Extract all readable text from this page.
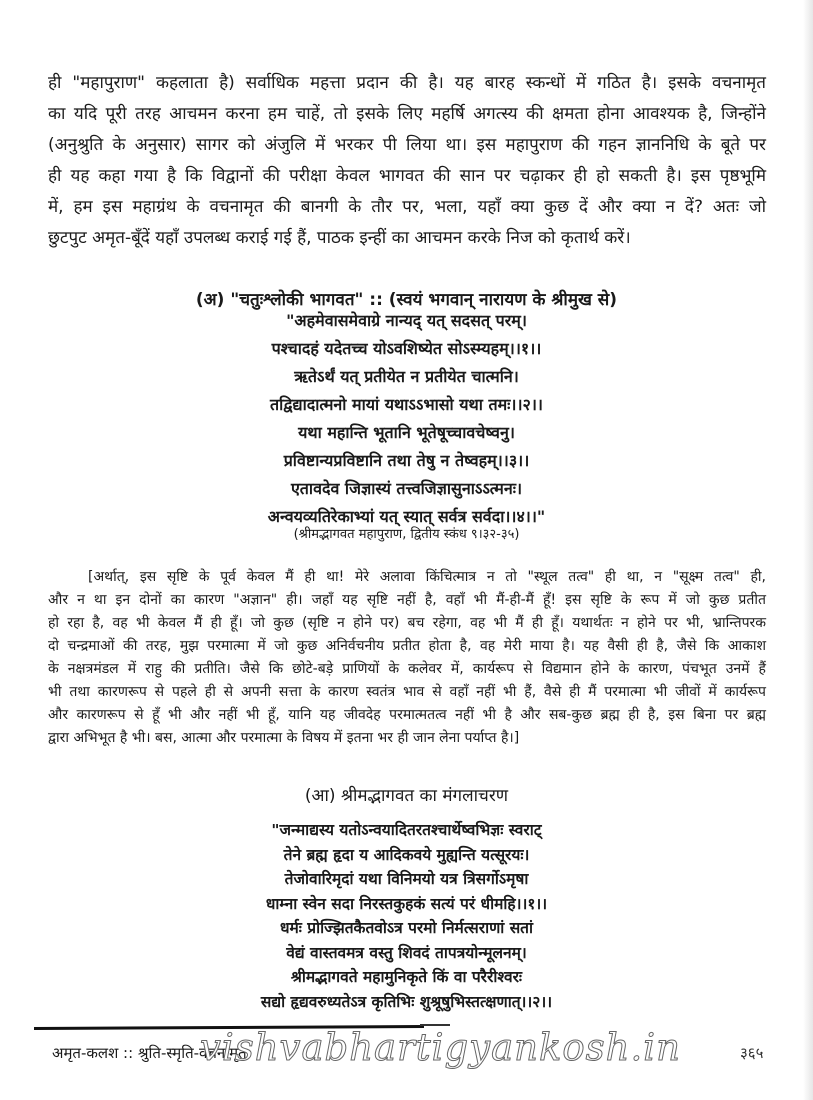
ही "महापुराण" कहलाता है) सर्वाधिक महत्ता प्रदान की है। यह बारह स्कन्धों में गठित है। इसके वचनामृत
का यदि पूरी तरह आचमन करना हम चाहें, तो इसके लिए महर्षि अगत्स्य की क्षमता होना आवश्यक है, जिन्होंने
(अनुश्रुति के अनुसार) सागर को अंजुलि में भरकर पी लिया था। इस महापुराण की गहन ज्ञाननिधि के बूते पर
ही यह कहा गया है कि विद्वानों की परीक्षा केवल भागवत की सान पर चढ़ाकर ही हो सकती है। इस पृष्ठभूमि
में, हम इस महाग्रंथ के वचनामृत की बानगी के तौर पर, भला, यहाँ क्या कुछ दें और क्या न दें? अतः जो
छुटपुट अमृत-बूँदें यहाँ उपलब्ध कराई गई हैं, पाठक इन्हीं का आचमन करके निज को कृतार्थ करें।
(अ) "चतुःश्लोकी भागवत" :: (स्वयं भगवान् नारायण के श्रीमुख से)
"अहमेवासमेवाग्रे नान्यद् यत् सदसत् परम्।
पश्चादहं यदेतच्च योऽवशिष्येत सोऽस्म्यहम्।।१।।
ऋतेऽर्थं यत् प्रतीयेत न प्रतीयेत चात्मनि।
तद्विद्यादात्मनो मायां यथाऽऽभासो यथा तमः।।२।।
यथा महान्ति भूतानि भूतेषूच्चावचेष्वनु।
प्रविष्टान्यप्रविष्टानि तथा तेषु न तेष्वहम्।।३।।
एतावदेव जिज्ञास्यं तत्त्वजिज्ञासुनाऽऽत्मनः।
अन्वयव्यतिरेकाभ्यां यत् स्यात् सर्वत्र सर्वदा।।४।।"
(श्रीमद्भागवत महापुराण, द्वितीय स्कंध ९।३२-३५)
[अर्थात्, इस सृष्टि के पूर्व केवल मैं ही था! मेरे अलावा किंचित्मात्र न तो "स्थूल तत्व" ही था, न "सूक्ष्म तत्व" ही,
और न था इन दोनों का कारण "अज्ञान" ही। जहाँ यह सृष्टि नहीं है, वहाँ भी मैं-ही-मैं हूँ! इस सृष्टि के रूप में जो कुछ प्रतीत
हो रहा है, वह भी केवल मैं ही हूँ। जो कुछ (सृष्टि न होने पर) बच रहेगा, वह भी मैं ही हूँ। यथार्थतः न होने पर भी, भ्रान्तिपरक
दो चन्द्रमाओं की तरह, मुझ परमात्मा में जो कुछ अनिर्वचनीय प्रतीत होता है, वह मेरी माया है। यह वैसी ही है, जैसे कि आकाश
के नक्षत्रमंडल में राहु की प्रतीति। जैसे कि छोटे-बड़े प्राणियों के कलेवर में, कार्यरूप से विद्यमान होने के कारण, पंचभूत उनमें हैं
भी तथा कारणरूप से पहले ही से अपनी सत्ता के कारण स्वतंत्र भाव से वहाँ नहीं भी हैं, वैसे ही मैं परमात्मा भी जीवों में कार्यरूप
और कारणरूप से हूँ भी और नहीं भी हूँ, यानि यह जीवदेह परमात्मतत्व नहीं भी है और सब-कुछ ब्रह्म ही है, इस बिना पर ब्रह्म
द्वारा अभिभूत है भी। बस, आत्मा और परमात्मा के विषय में इतना भर ही जान लेना पर्याप्त है।]
(आ) श्रीमद्भागवत का मंगलाचरण
"जन्माद्यस्य यतोऽन्वयादितरतश्चार्थेष्वभिज्ञः स्वराट्
तेने ब्रह्म हृदा य आदिकवये मुह्यन्ति यत्सूरयः।
तेजोवारिमृदां यथा विनिमयो यत्र त्रिसर्गोऽमृषा
धाम्ना स्वेन सदा निरस्तकुहकं सत्यं परं धीमहि।।१।।
धर्मः प्रोज्झितकैतवोऽत्र परमो निर्मत्सराणां सतां
वेद्यं वास्तवमत्र वस्तु शिवदं तापत्रयोन्मूलनम्।
श्रीमद्भागवते महामुनिकृते किं वा परैरीश्वरः
सद्यो हृद्यवरुध्यतेऽत्र कृतिभिः शुश्रूषुभिस्तत्क्षणात्।।२।।
अमृत-कलश :: श्रुति-स्मृति-वचनामृत
vishvabhartigyankosh.in	३६५
